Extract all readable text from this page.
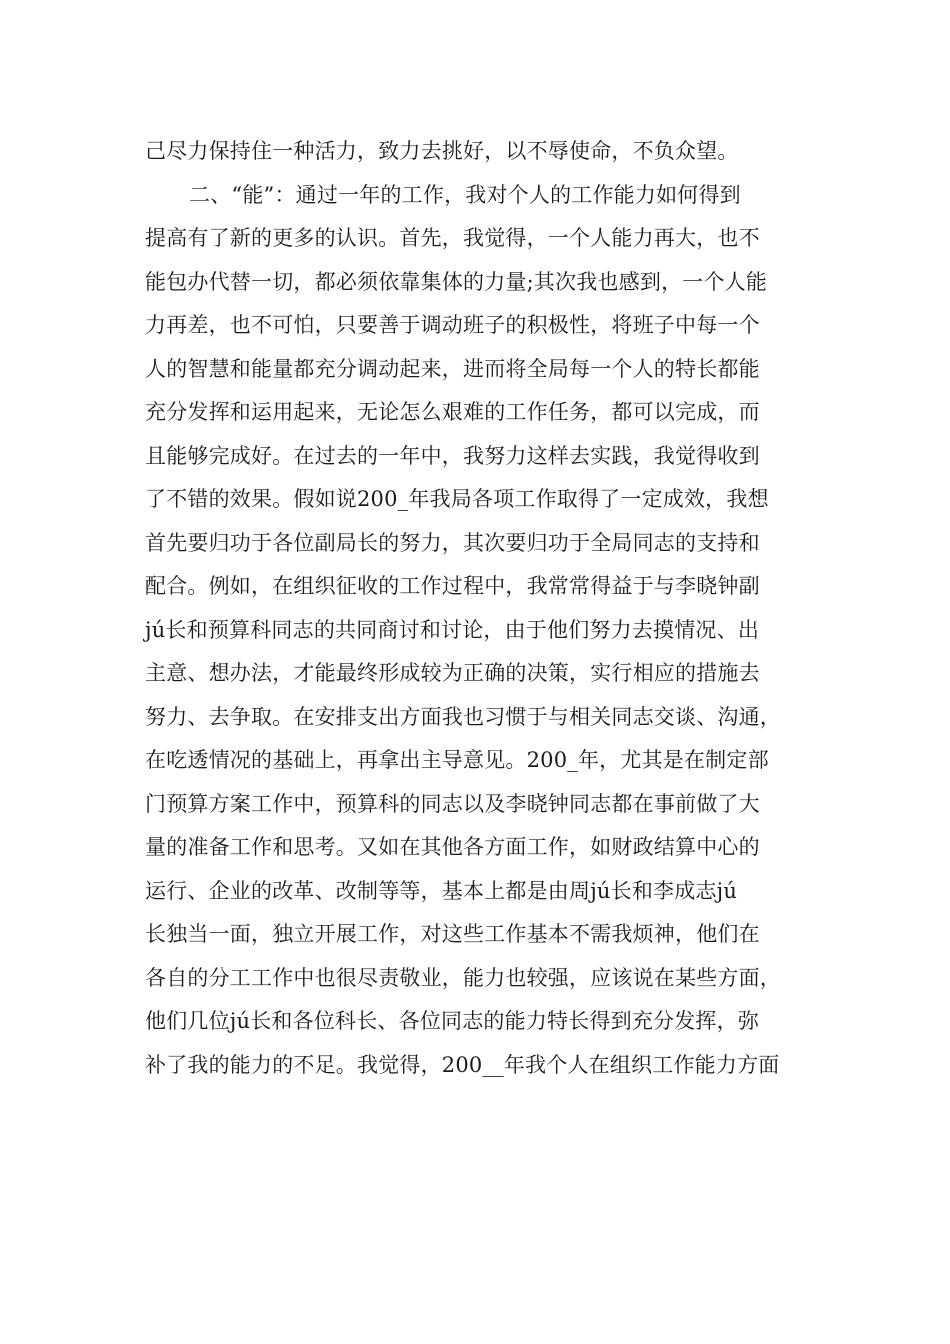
己尽力保持住一种活力，致力去挑好，以不辱使命，不负众望。
二、“能”：通过一年的工作，我对个人的工作能力如何得到
提高有了新的更多的认识。首先，我觉得，一个人能力再大，也不
能包办代替一切，都必须依靠集体的力量;其次我也感到，一个人能
力再差，也不可怕，只要善于调动班子的积极性，将班子中每一个
人的智慧和能量都充分调动起来，进而将全局每一个人的特长都能
充分发挥和运用起来，无论怎么艰难的工作任务，都可以完成，而
且能够完成好。在过去的一年中，我努力这样去实践，我觉得收到
了不错的效果。假如说200_年我局各项工作取得了一定成效，我想
首先要归功于各位副局长的努力，其次要归功于全局同志的支持和
配合。例如，在组织征收的工作过程中，我常常得益于与李晓钟副
jú长和预算科同志的共同商讨和讨论，由于他们努力去摸情况、出
主意、想办法，才能最终形成较为正确的决策，实行相应的措施去
努力、去争取。在安排支出方面我也习惯于与相关同志交谈、沟通，
在吃透情况的基础上，再拿出主导意见。200_年，尤其是在制定部
门预算方案工作中，预算科的同志以及李晓钟同志都在事前做了大
量的准备工作和思考。又如在其他各方面工作，如财政结算中心的
运行、企业的改革、改制等等，基本上都是由周jú长和李成志jú
长独当一面，独立开展工作，对这些工作基本不需我烦神，他们在
各自的分工工作中也很尽责敬业，能力也较强，应该说在某些方面，
他们几位jú长和各位科长、各位同志的能力特长得到充分发挥，弥
补了我的能力的不足。我觉得，200__年我个人在组织工作能力方面
